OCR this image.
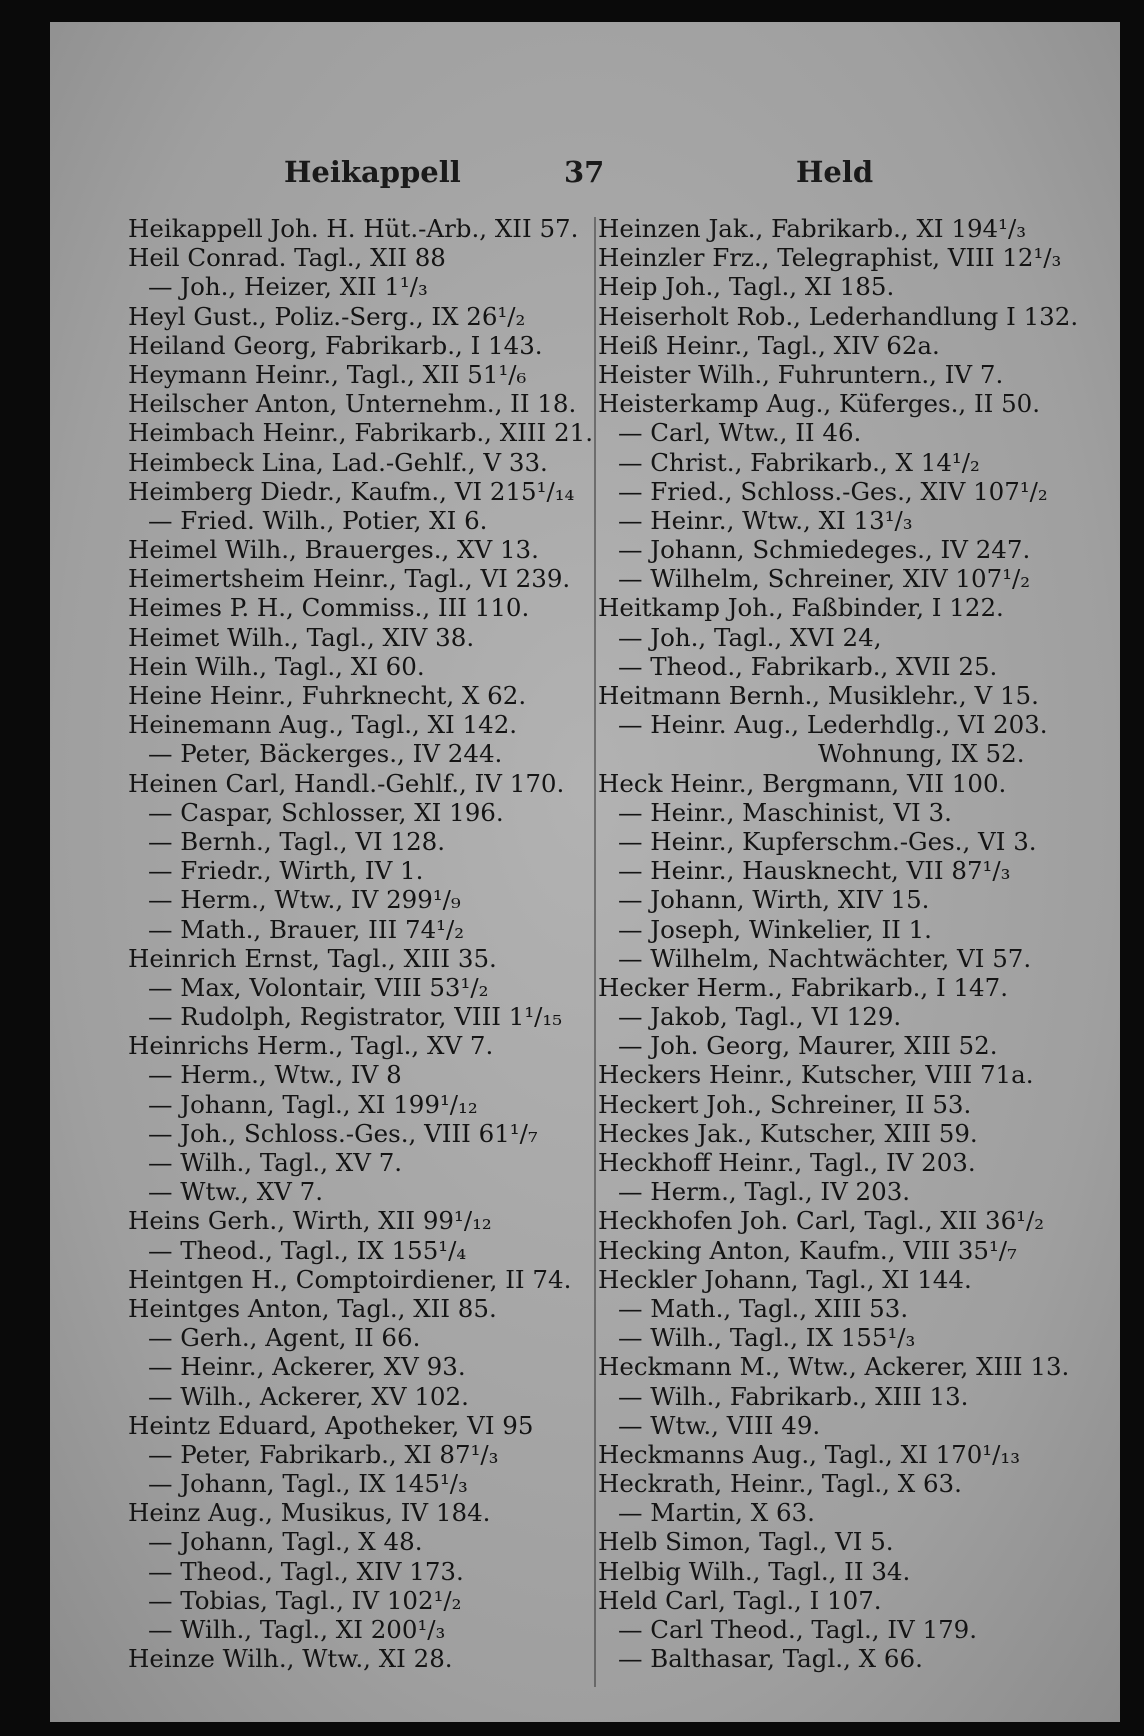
Heikappell	37	Held
Heikappell Joh. H. Hüt.-Arb., XII 57.
Heil Conrad. Tagl., XII 88
— Joh., Heizer, XII 1¹/₃
Heyl Gust., Poliz.-Serg., IX 26¹/₂
Heiland Georg, Fabrikarb., I 143.
Heymann Heinr., Tagl., XII 51¹/₆
Heilscher Anton, Unternehm., II 18.
Heimbach Heinr., Fabrikarb., XIII 21.
Heimbeck Lina, Lad.-Gehlf., V 33.
Heimberg Diedr., Kaufm., VI 215¹/₁₄
— Fried. Wilh., Potier, XI 6.
Heimel Wilh., Brauerges., XV 13.
Heimertsheim Heinr., Tagl., VI 239.
Heimes P. H., Commiss., III 110.
Heimet Wilh., Tagl., XIV 38.
Hein Wilh., Tagl., XI 60.
Heine Heinr., Fuhrknecht, X 62.
Heinemann Aug., Tagl., XI 142.
— Peter, Bäckerges., IV 244.
Heinen Carl, Handl.-Gehlf., IV 170.
— Caspar, Schlosser, XI 196.
— Bernh., Tagl., VI 128.
— Friedr., Wirth, IV 1.
— Herm., Wtw., IV 299¹/₉
— Math., Brauer, III 74¹/₂
Heinrich Ernst, Tagl., XIII 35.
— Max, Volontair, VIII 53¹/₂
— Rudolph, Registrator, VIII 1¹/₁₅
Heinrichs Herm., Tagl., XV 7.
— Herm., Wtw., IV 8
— Johann, Tagl., XI 199¹/₁₂
— Joh., Schloss.-Ges., VIII 61¹/₇
— Wilh., Tagl., XV 7.
— Wtw., XV 7.
Heins Gerh., Wirth, XII 99¹/₁₂
— Theod., Tagl., IX 155¹/₄
Heintgen H., Comptoirdiener, II 74.
Heintges Anton, Tagl., XII 85.
— Gerh., Agent, II 66.
— Heinr., Ackerer, XV 93.
— Wilh., Ackerer, XV 102.
Heintz Eduard, Apotheker, VI 95
— Peter, Fabrikarb., XI 87¹/₃
— Johann, Tagl., IX 145¹/₃
Heinz Aug., Musikus, IV 184.
— Johann, Tagl., X 48.
— Theod., Tagl., XIV 173.
— Tobias, Tagl., IV 102¹/₂
— Wilh., Tagl., XI 200¹/₃
Heinze Wilh., Wtw., XI 28.
Heinzen Jak., Fabrikarb., XI 194¹/₃
Heinzler Frz., Telegraphist, VIII 12¹/₃
Heip Joh., Tagl., XI 185.
Heiserholt Rob., Lederhandlung I 132.
Heiß Heinr., Tagl., XIV 62a.
Heister Wilh., Fuhruntern., IV 7.
Heisterkamp Aug., Küferges., II 50.
— Carl, Wtw., II 46.
— Christ., Fabrikarb., X 14¹/₂
— Fried., Schloss.-Ges., XIV 107¹/₂
— Heinr., Wtw., XI 13¹/₃
— Johann, Schmiedeges., IV 247.
— Wilhelm, Schreiner, XIV 107¹/₂
Heitkamp Joh., Faßbinder, I 122.
— Joh., Tagl., XVI 24,
— Theod., Fabrikarb., XVII 25.
Heitmann Bernh., Musiklehr., V 15.
— Heinr. Aug., Lederhdlg., VI 203.
Wohnung, IX 52.
Heck Heinr., Bergmann, VII 100.
— Heinr., Maschinist, VI 3.
— Heinr., Kupferschm.-Ges., VI 3.
— Heinr., Hausknecht, VII 87¹/₃
— Johann, Wirth, XIV 15.
— Joseph, Winkelier, II 1.
— Wilhelm, Nachtwächter, VI 57.
Hecker Herm., Fabrikarb., I 147.
— Jakob, Tagl., VI 129.
— Joh. Georg, Maurer, XIII 52.
Heckers Heinr., Kutscher, VIII 71a.
Heckert Joh., Schreiner, II 53.
Heckes Jak., Kutscher, XIII 59.
Heckhoff Heinr., Tagl., IV 203.
— Herm., Tagl., IV 203.
Heckhofen Joh. Carl, Tagl., XII 36¹/₂
Hecking Anton, Kaufm., VIII 35¹/₇
Heckler Johann, Tagl., XI 144.
— Math., Tagl., XIII 53.
— Wilh., Tagl., IX 155¹/₃
Heckmann M., Wtw., Ackerer, XIII 13.
— Wilh., Fabrikarb., XIII 13.
— Wtw., VIII 49.
Heckmanns Aug., Tagl., XI 170¹/₁₃
Heckrath, Heinr., Tagl., X 63.
— Martin, X 63.
Helb Simon, Tagl., VI 5.
Helbig Wilh., Tagl., II 34.
Held Carl, Tagl., I 107.
— Carl Theod., Tagl., IV 179.
— Balthasar, Tagl., X 66.
